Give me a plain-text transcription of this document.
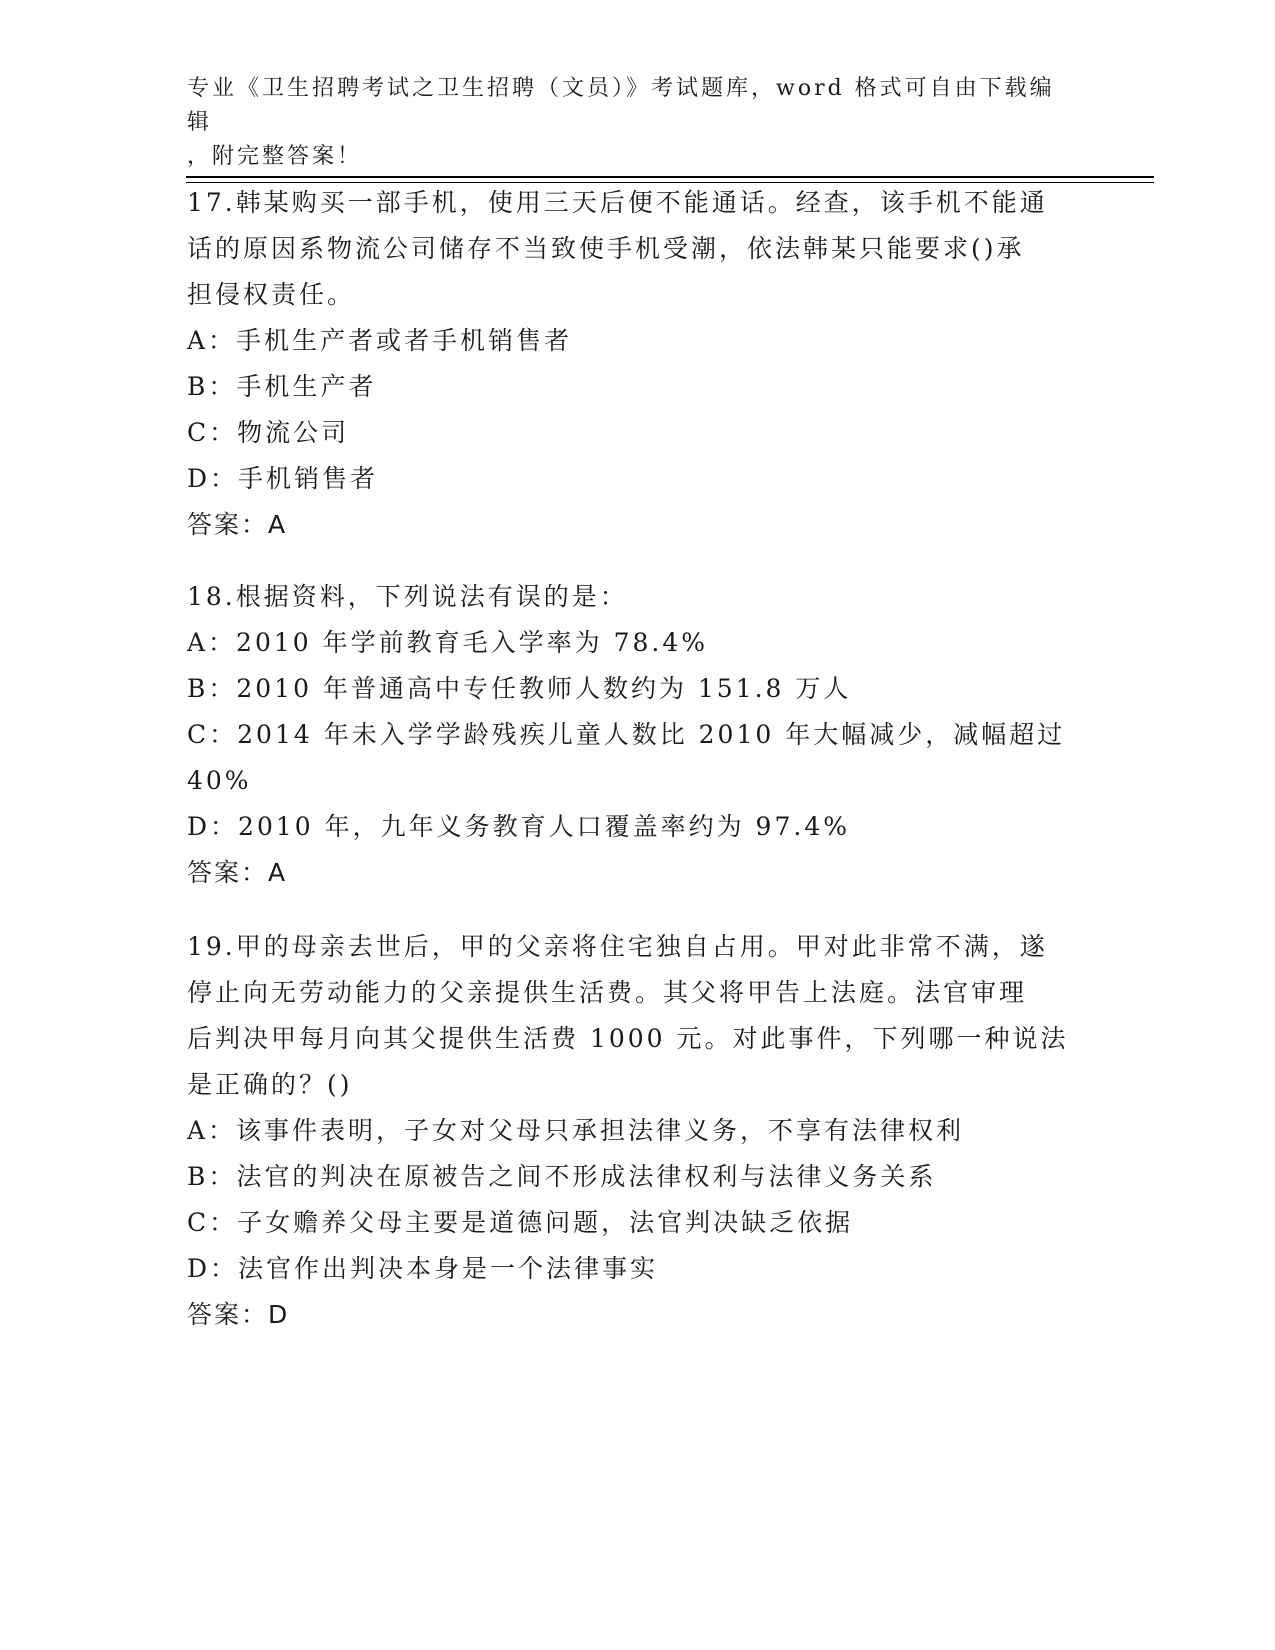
专业《卫生招聘考试之卫生招聘（文员）》考试题库，word 格式可自由下载编辑
，附完整答案！
17.韩某购买一部手机，使用三天后便不能通话。经查，该手机不能通
话的原因系物流公司储存不当致使手机受潮，依法韩某只能要求()承
担侵权责任。
A：手机生产者或者手机销售者
B：手机生产者
C：物流公司
D：手机销售者
答案：A
18.根据资料，下列说法有误的是：
A：2010 年学前教育毛入学率为 78.4%
B：2010 年普通高中专任教师人数约为 151.8 万人
C：2014 年未入学学龄残疾儿童人数比 2010 年大幅减少，减幅超过
40%
D：2010 年，九年义务教育人口覆盖率约为 97.4%
答案：A
19.甲的母亲去世后，甲的父亲将住宅独自占用。甲对此非常不满，遂
停止向无劳动能力的父亲提供生活费。其父将甲告上法庭。法官审理
后判决甲每月向其父提供生活费 1000 元。对此事件，下列哪一种说法
是正确的？()
A：该事件表明，子女对父母只承担法律义务，不享有法律权利
B：法官的判决在原被告之间不形成法律权利与法律义务关系
C：子女赡养父母主要是道德问题，法官判决缺乏依据
D：法官作出判决本身是一个法律事实
答案：D
